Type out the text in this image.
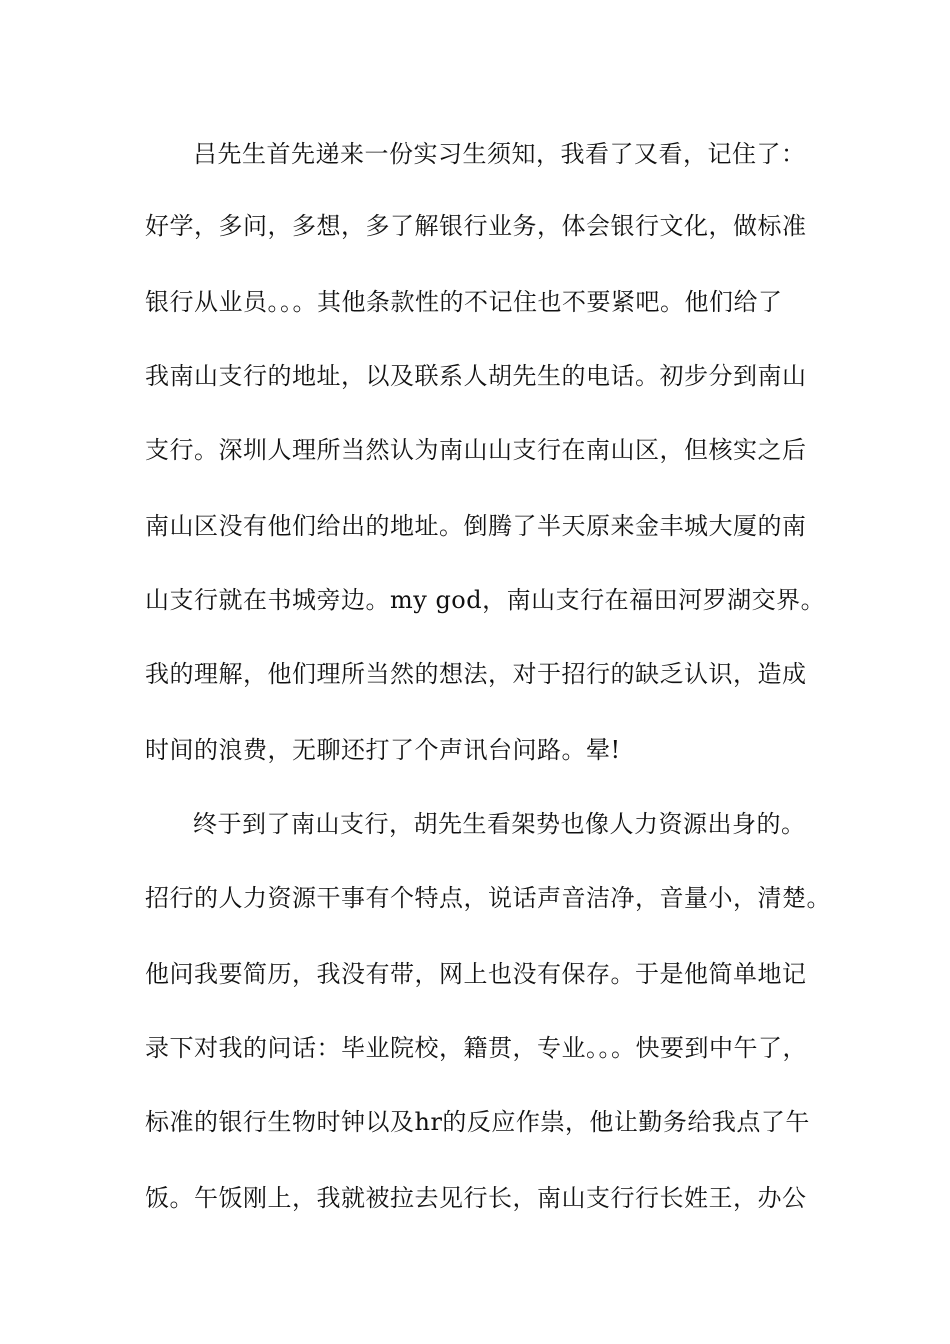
吕先生首先递来一份实习生须知，我看了又看，记住了：
好学，多问，多想，多了解银行业务，体会银行文化，做标准
银行从业员。。。其他条款性的不记住也不要紧吧。他们给了
我南山支行的地址，以及联系人胡先生的电话。初步分到南山
支行。深圳人理所当然认为南山山支行在南山区，但核实之后
南山区没有他们给出的地址。倒腾了半天原来金丰城大厦的南
山支行就在书城旁边。my god，南山支行在福田河罗湖交界。
我的理解，他们理所当然的想法，对于招行的缺乏认识，造成
时间的浪费，无聊还打了个声讯台问路。晕!
终于到了南山支行，胡先生看架势也像人力资源出身的。
招行的人力资源干事有个特点，说话声音洁净，音量小，清楚。
他问我要简历，我没有带，网上也没有保存。于是他简单地记
录下对我的问话：毕业院校，籍贯，专业。。。快要到中午了，
标准的银行生物时钟以及hr的反应作祟，他让勤务给我点了午
饭。午饭刚上，我就被拉去见行长，南山支行行长姓王，办公
